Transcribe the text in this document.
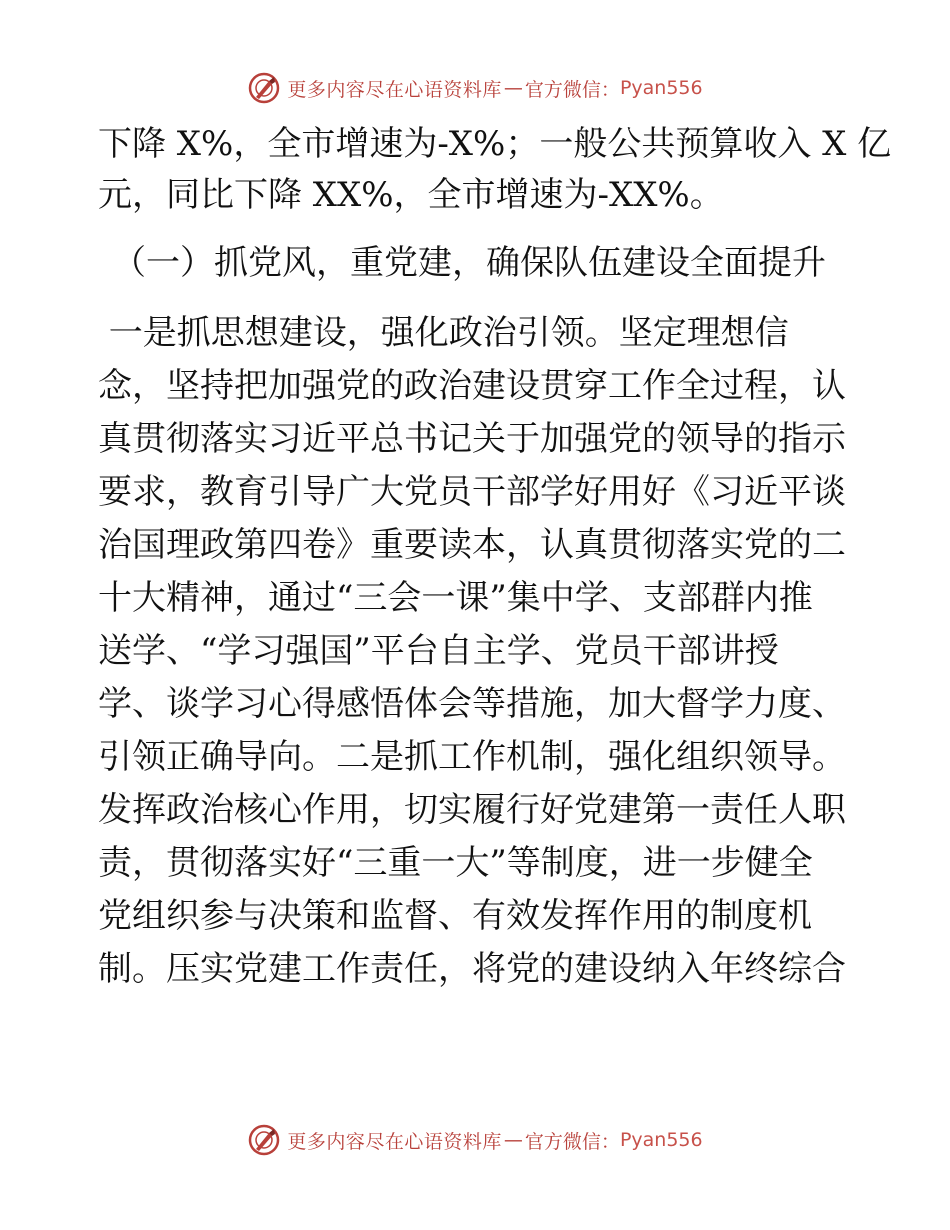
更多内容尽在心语资料库 — 官方微信： Pyan556

下降 X%，全市增速为-X%；一般公共预算收入 X 亿

元，同比下降 XX%，全市增速为-XX%。

（一）抓党风，重党建，确保队伍建设全面提升

一是抓思想建设，强化政治引领。坚定理想信

念，坚持把加强党的政治建设贯穿工作全过程，认

真贯彻落实习近平总书记关于加强党的领导的指示

要求，教育引导广大党员干部学好用好《习近平谈

治国理政第四卷》重要读本，认真贯彻落实党的二

十大精神，通过“三会一课”集中学、支部群内推

送学、“学习强国”平台自主学、党员干部讲授

学、谈学习心得感悟体会等措施，加大督学力度、

引领正确导向。二是抓工作机制，强化组织领导。

发挥政治核心作用，切实履行好党建第一责任人职

责，贯彻落实好“三重一大”等制度，进一步健全

党组织参与决策和监督、有效发挥作用的制度机

制。压实党建工作责任，将党的建设纳入年终综合

更多内容尽在心语资料库 — 官方微信： Pyan556
